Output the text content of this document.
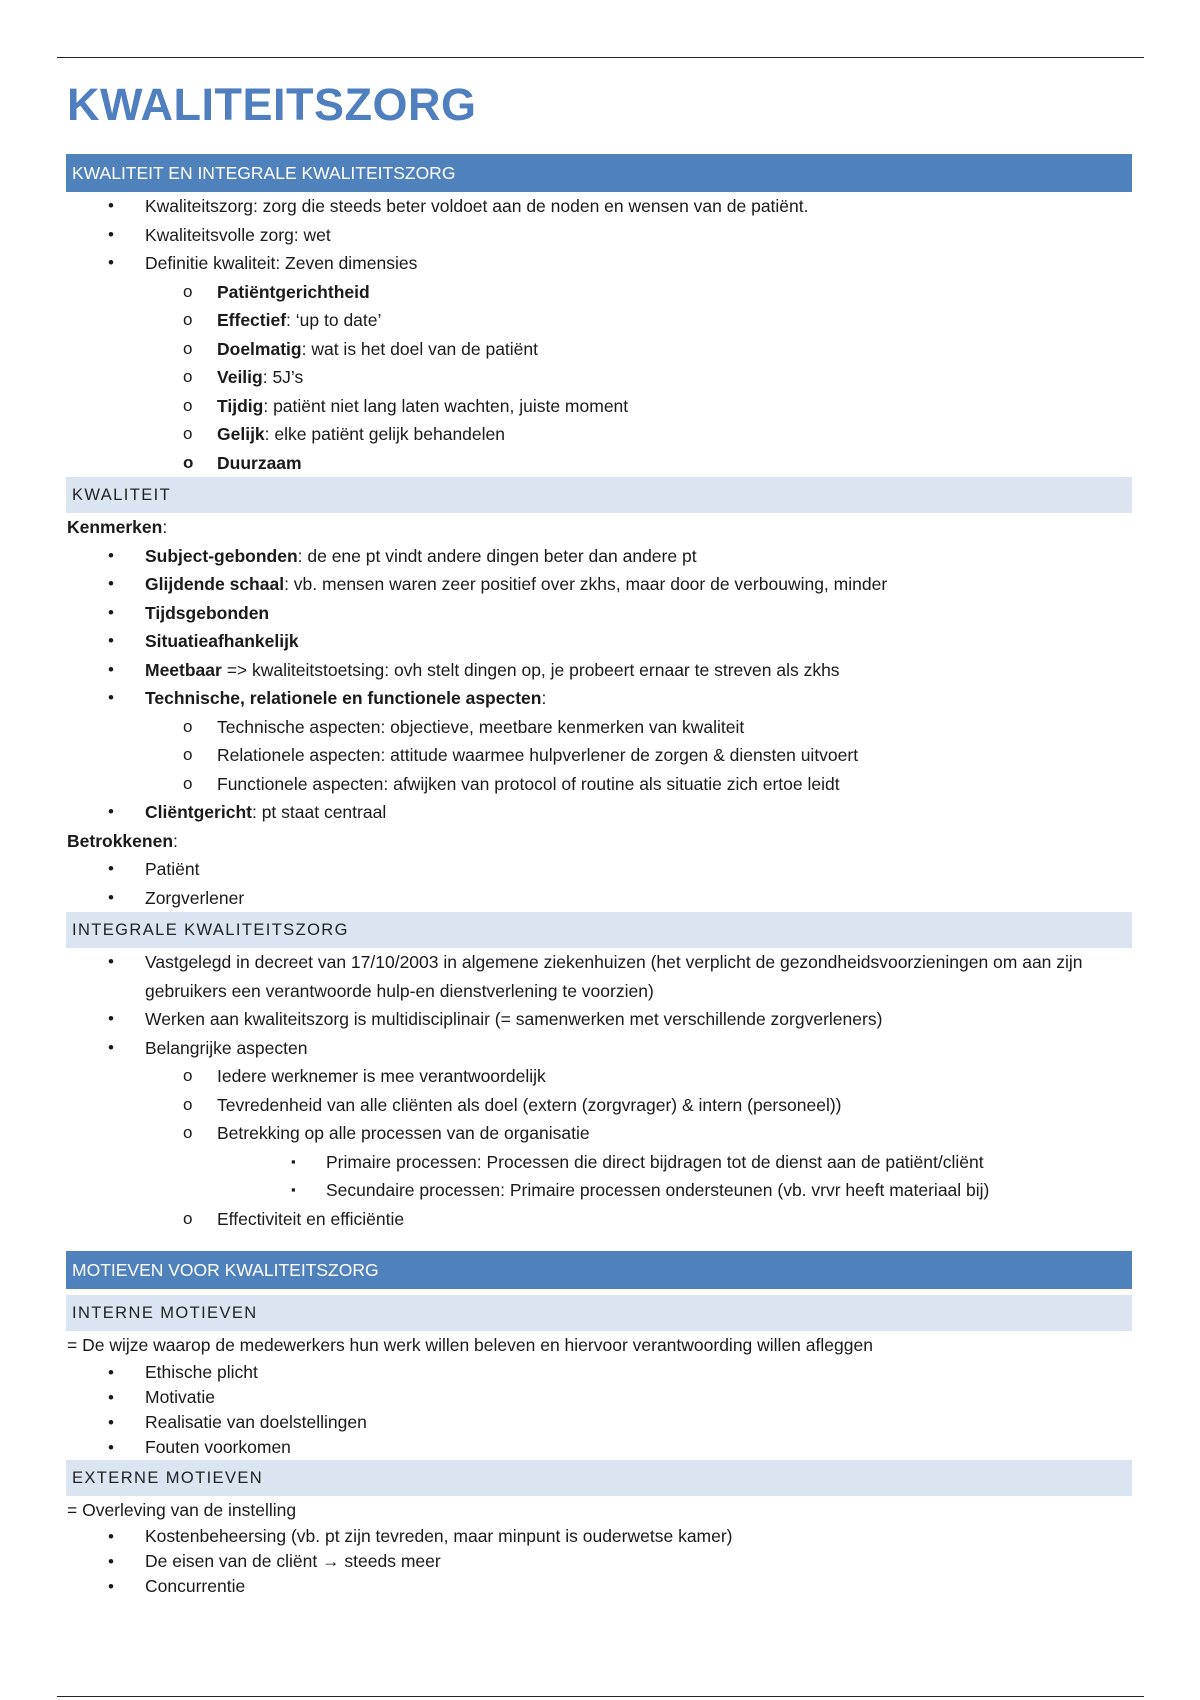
KWALITEITSZORG
KWALITEIT EN INTEGRALE KWALITEITSZORG
• Kwaliteitszorg: zorg die steeds beter voldoet aan de noden en wensen van de patiënt.
• Kwaliteitsvolle zorg: wet
• Definitie kwaliteit: Zeven dimensies
o Patiëntgerichtheid
o Effectief: ‘up to date’
o Doelmatig: wat is het doel van de patiënt
o Veilig: 5J’s
o Tijdig: patiënt niet lang laten wachten, juiste moment
o Gelijk: elke patiënt gelijk behandelen
o Duurzaam
KWALITEIT
Kenmerken:
• Subject-gebonden: de ene pt vindt andere dingen beter dan andere pt
• Glijdende schaal: vb. mensen waren zeer positief over zkhs, maar door de verbouwing, minder
• Tijdsgebonden
• Situatieafhankelijk
• Meetbaar => kwaliteitstoetsing: ovh stelt dingen op, je probeert ernaar te streven als zkhs
• Technische, relationele en functionele aspecten:
o Technische aspecten: objectieve, meetbare kenmerken van kwaliteit
o Relationele aspecten: attitude waarmee hulpverlener de zorgen & diensten uitvoert
o Functionele aspecten: afwijken van protocol of routine als situatie zich ertoe leidt
• Cliëntgericht: pt staat centraal
Betrokkenen:
• Patiënt
• Zorgverlener
INTEGRALE KWALITEITSZORG
• Vastgelegd in decreet van 17/10/2003 in algemene ziekenhuizen (het verplicht de gezondheidsvoorzieningen om aan zijn gebruikers een verantwoorde hulp-en dienstverlening te voorzien)
• Werken aan kwaliteitszorg is multidisciplinair (= samenwerken met verschillende zorgverleners)
• Belangrijke aspecten
o Iedere werknemer is mee verantwoordelijk
o Tevredenheid van alle cliënten als doel (extern (zorgvrager) & intern (personeel))
o Betrekking op alle processen van de organisatie
▪ Primaire processen: Processen die direct bijdragen tot de dienst aan de patiënt/cliënt
▪ Secundaire processen: Primaire processen ondersteunen (vb. vrvr heeft materiaal bij)
o Effectiviteit en efficiëntie
MOTIEVEN VOOR KWALITEITSZORG
INTERNE MOTIEVEN
= De wijze waarop de medewerkers hun werk willen beleven en hiervoor verantwoording willen afleggen
• Ethische plicht
• Motivatie
• Realisatie van doelstellingen
• Fouten voorkomen
EXTERNE MOTIEVEN
= Overleving van de instelling
• Kostenbeheersing (vb. pt zijn tevreden, maar minpunt is ouderwetse kamer)
• De eisen van de cliënt → steeds meer
• Concurrentie
